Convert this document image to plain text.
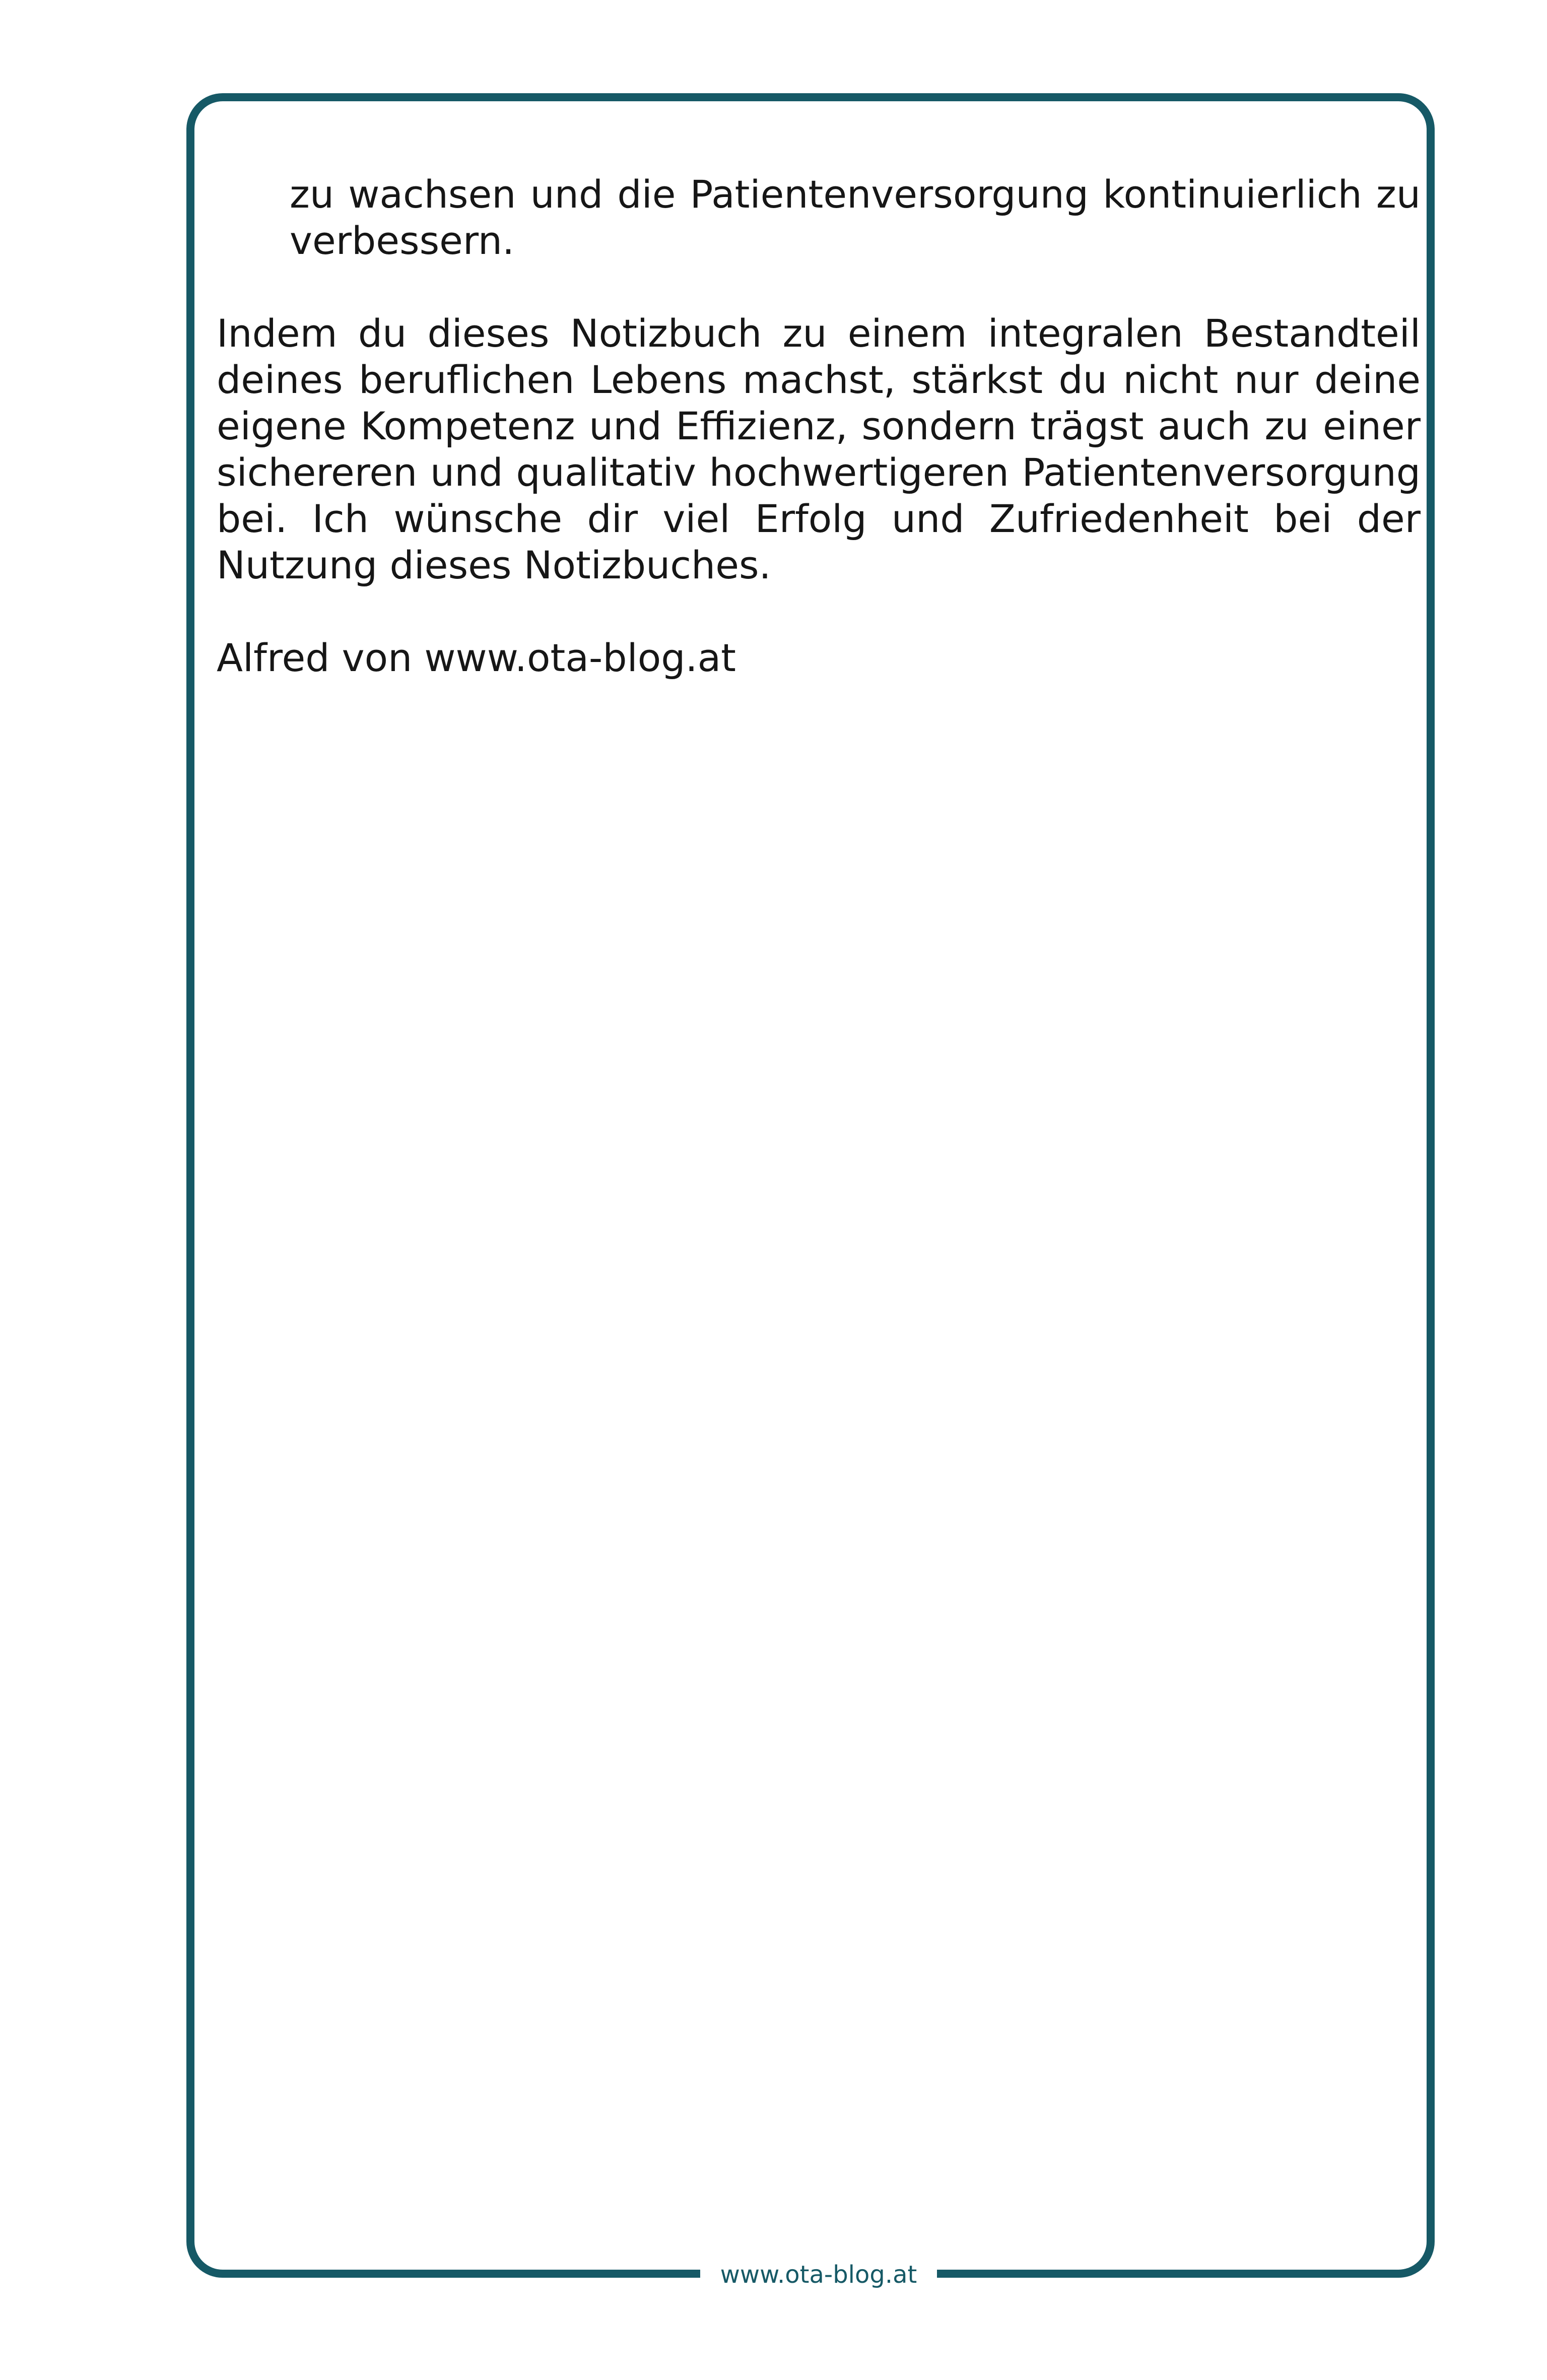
zu wachsen und die Patientenversorgung kontinuierlich zu verbessern.

Indem du dieses Notizbuch zu einem integralen Bestandteil deines beruflichen Lebens machst, stärkst du nicht nur deine eigene Kompetenz und Effizienz, sondern trägst auch zu einer sichereren und qualitativ hochwertigeren Patientenversorgung bei. Ich wünsche dir viel Erfolg und Zufriedenheit bei der Nutzung dieses Notizbuches.

Alfred von www.ota-blog.at

www.ota-blog.at
